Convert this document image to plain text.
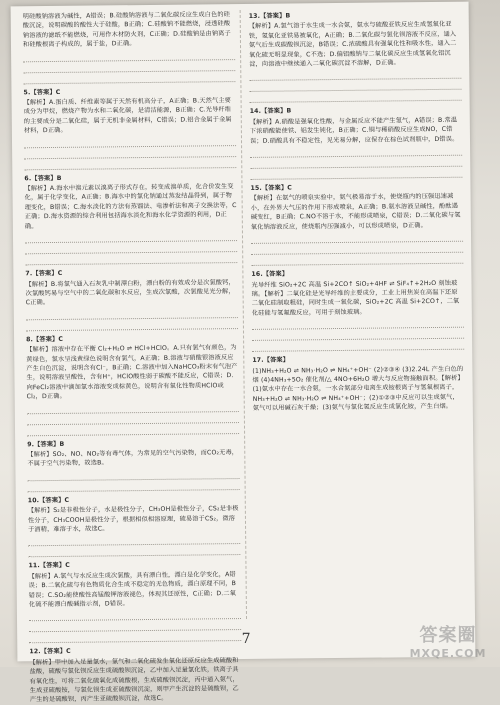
明硅酸钠溶液为碱性，A错误；B.硅酸钠溶液与二氧化碳反应生成白色的硅酸沉淀，说明碳酸的酸性大于硅酸，B正确；C.硅酸钠不能燃烧，浸透硅酸钠溶液的滤纸不能燃烧，可用作木材防火剂，C正确；D.硅酸钠是由钠离子和硅酸根离子构成的，属于盐，D正确。
5.【答案】C
【解析】A.蛋白质、纤维素等属于天然有机高分子，A正确；B.天然气主要成分为甲烷，燃烧产物为水和二氧化碳，是清洁能源，B正确；C.光导纤维的主要成分是二氧化硅，属于无机非金属材料，C错误；D.铝合金属于金属材料，D正确。
6.【答案】B
【解析】A.海水中溴元素以溴离子形式存在，转变成溴单质，化合价发生变化，属于化学变化，A正确；B.海水中的氯化钠通过蒸发结晶得到，属于物理变化，B错误；C.海水淡化的方法有蒸馏法、电渗析法和离子交换法等，C正确；D.海水资源的综合利用包括海水淡化和海水化学资源的利用，D正确。
7.【答案】C
【解析】B.将氯气通入石灰乳中制漂白粉，漂白粉的有效成分是次氯酸钙，次氯酸钙易与空气中的二氧化碳和水反应，生成次氯酸，次氯酸见光分解，C正确。
8.【答案】C
【解析】溶液中存在平衡 Cl₂+H₂O ⇌ HCl+HClO。A.只有氯气有颜色，为黄绿色，氯水呈浅黄绿色说明含有氯气，A正确；B.溶液与硝酸银溶液反应产生白色沉淀，说明含有Cl⁻，B正确；C.溶液中加入NaHCO₃粉末有气泡产生，说明溶液呈酸性，含有H⁺，HClO酸性弱于碳酸不能反应，C错误；D.向FeCl₂溶液中滴加氯水溶液变成棕黄色，说明含有氧化性物质HClO或Cl₂，D正确。
9.【答案】B
【解析】SO₂、NO、NO₂等有毒气体，为常见的空气污染物，而CO₂无毒，不属于空气污染物，故选B。
10.【答案】C
【解析】S₂是非极性分子，水是极性分子，CH₃OH是极性分子，CS₂是非极性分子，CH₃COOH是极性分子，根据相似相溶原理，硫易溶于CS₂，微溶于酒精，难溶于水，故选C。
11.【答案】C
【解析】A.氯气与水反应生成次氯酸，具有漂白性，漂白是化学变化，A错误；B.二氧化硫与有色物质化合生成不稳定的无色物质，漂白原理不同，B错误；C.SO₂能使酸性高锰酸钾溶液褪色，体现其还原性，C正确；D.二氧化硫不能漂白酸碱指示剂，D错误。
12.【答案】C
【解析】甲中加入足量氯水，氯气和二氧化硫发生氧化还原反应生成硫酸和盐酸，硫酸与氯化钡反应生成硫酸钡沉淀，乙中加入足量氯化铁，铁离子具有氧化性，可将二氧化硫氧化成硫酸根，生成硫酸钡沉淀，丙中通入氨气，生成亚硫酸铵，与氯化钡生成亚硫酸钡沉淀，则甲产生沉淀的是硫酸钡，乙产生的是硫酸钡，丙产生亚硫酸钡沉淀，故选C。
13.【答案】B
【解析】A.氯气溶于水生成一水合氨，氨水与硫酸亚铁反应生成氢氧化亚铁，氢氧化亚铁易被氧化，A正确；B.二氧化碳与氯化钡溶液不反应，通入氨气后生成碳酸钡沉淀，B错误；C.浓硫酸具有强氧化性和吸水性，通入二氧化硫无明显现象，C不选；D.偏铝酸钠与二氧化碳反应生成氢氧化铝沉淀，向溶液中继续通入二氧化碳沉淀不溶解，D正确。
14.【答案】B
【解析】A.硝酸是强氧化性酸，与金属反应不能产生氢气，A错误；B.常温下浓硝酸能使铁、铝发生钝化，B正确；C.铜与稀硝酸反应生成NO，C错误；D.硝酸具有不稳定性，见光易分解，应保存在棕色试剂瓶中，D错误。
15.【答案】C
【解析】在氨气的喷泉实验中，氨气极易溶于水，使烧瓶内的压强迅速减小，在外界大气压的作用下形成喷泉，A正确；B.氨水溶液呈碱性，酚酞遇碱变红，B正确；C.NO不溶于水，不能形成喷泉，C错误；D.二氧化碳与氢氧化钠溶液反应，使烧瓶内压强减小，可以形成喷泉，D正确。
16.【答案】
光导纤维 SiO₂+2C 高温 Si+2CO↑ SiO₂+4HF ⇌ SiF₄↑+2H₂O 刻蚀玻璃。【解析】二氧化硅是光导纤维的主要成分，工业上用焦炭在高温下还原二氧化硅制取粗硅，同时生成一氧化碳，SiO₂+2C 高温 Si+2CO↑，二氧化硅能与氢氟酸反应，可用于刻蚀玻璃。
17.【答案】
(1)NH₃+H₂O ⇌ NH₃·H₂O ⇌ NH₄⁺+OH⁻ (2)②③④ (3)2.24L 产生白色的烟 (4)4NH₃+5O₂ 催化剂/△ 4NO+6H₂O 增大与反应物接触面积。【解析】(1)氨水中存在一水合氨，一水合氨部分电离生成铵根离子与氢氧根离子，NH₃+H₂O ⇌ NH₃·H₂O ⇌ NH₄⁺+OH⁻；(2)①②③中反应可以生成氨气，氨气可以用碱石灰干燥；(3)氨气与氯化氢反应生成氯化铵，产生白烟。
7	答案圈
MXQE.COM
